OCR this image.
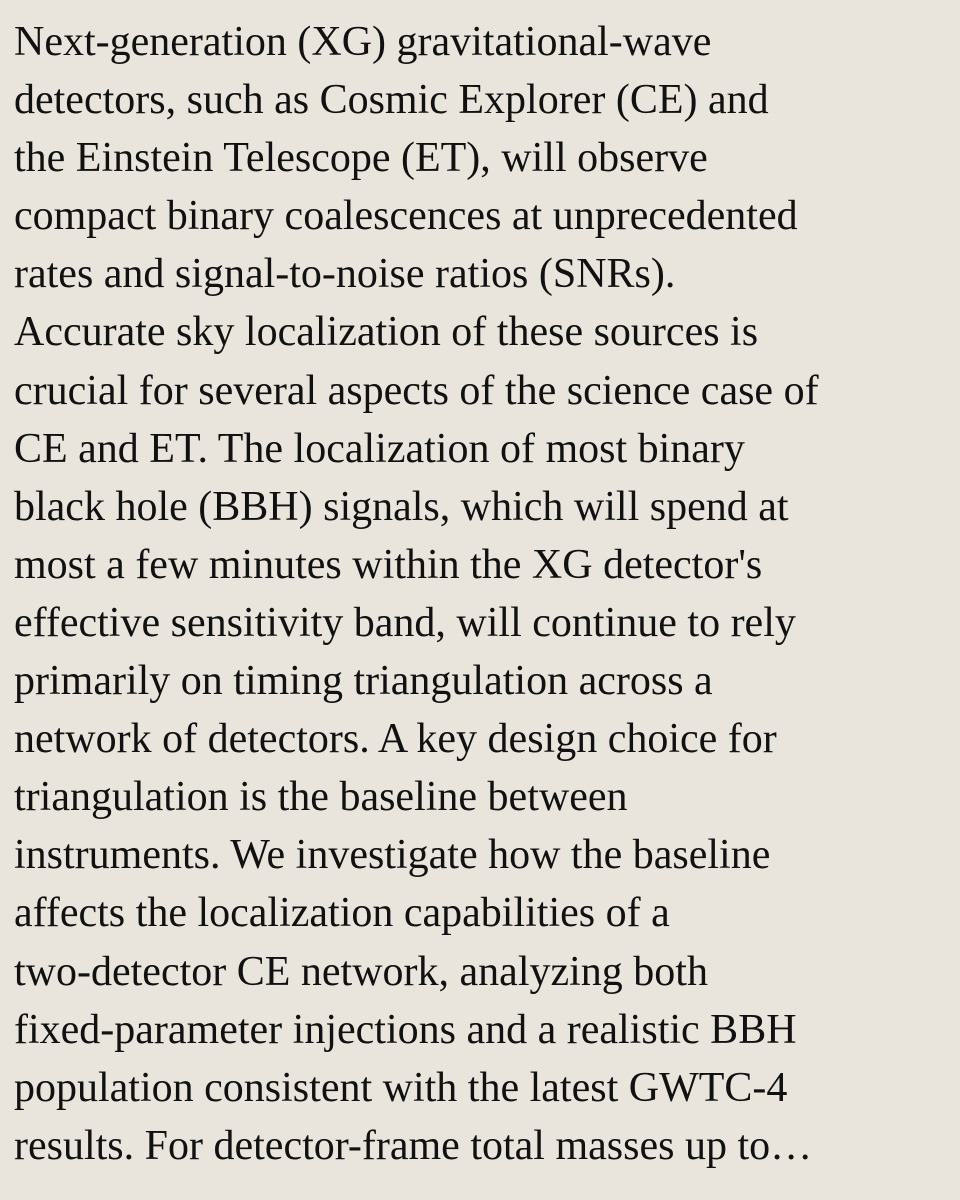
Next-generation (XG) gravitational-wave
detectors, such as Cosmic Explorer (CE) and
the Einstein Telescope (ET), will observe
compact binary coalescences at unprecedented
rates and signal-to-noise ratios (SNRs).
Accurate sky localization of these sources is
crucial for several aspects of the science case of
CE and ET. The localization of most binary
black hole (BBH) signals, which will spend at
most a few minutes within the XG detector's
effective sensitivity band, will continue to rely
primarily on timing triangulation across a
network of detectors. A key design choice for
triangulation is the baseline between
instruments. We investigate how the baseline
affects the localization capabilities of a
two-detector CE network, analyzing both
fixed-parameter injections and a realistic BBH
population consistent with the latest GWTC-4
results. For detector-frame total masses up to…
